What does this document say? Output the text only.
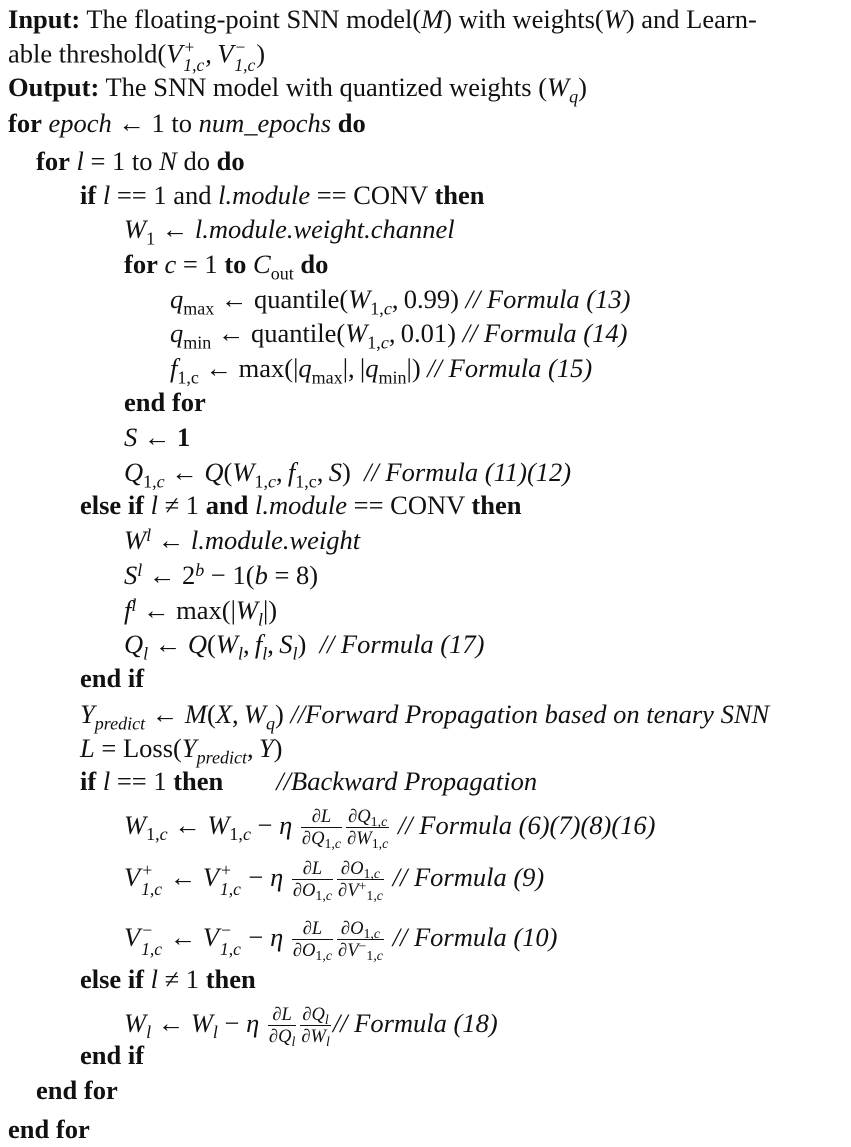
Input: The floating-point SNN model(M) with weights(W) and Learn-
able threshold(V +
1,c , V −
1,c )
Output: The SNN model with quantized weights $(W_q)$
for epoch ← 1 to num_epochs do
for l = 1 to N do do
if l == 1 and l.module == CONV then
$W_1$ ← l.module.weight.channel
for c = 1 to $C_{out}$ do
$q_{max}$ ← $quantile(W_{1,c}$, 0.99) // Formula (13)
$q_{min}$ ← $quantile(W_{1,c}$, 0.01) // Formula (14)
$f_{1,c}$ ← $\max(|q_{max}|$, $|q_{min}|$) // Formula (15)
end for
S ← 1
$Q_{1,c}$ ← $Q(W_{1,c}$, $f_{1,c}$, S)  // Formula (11)(12)
else if l ≠ 1 and l.module == CONV then
$W^l$ ← l.module.weight
$S^l$ ← $2^b - 1(b = 8)$
$f^l$ ← $\max(|W_l|)$
$Q_l$ ← $Q(W_l$, $f_l$, $S_l$)  // Formula (17)
end if
$Y_{predict}$ ← M(X, $W_q$) //Forward Propagation based on tenary SNN
$L = Loss(Y_{predict}$, Y)
if l == 1 then //Backward Propagation
$W_{1,c}$ ← $W_{1,c} - \eta \frac{\partial L}{\partial Q_{1,c}} \frac{\partial Q_{1,c}}{\partial W_{1,c}}$ // Formula (6)(7)(8)(16)
V +
1,c ← V +
1,c − η $\frac{\partial L}{\partial O_{1,c}} \frac{\partial O_{1,c}}{\partial V^+_{1,c}}$ // Formula (9)
V −
1,c ← V −
1,c − η $\frac{\partial L}{\partial O_{1,c}} \frac{\partial O_{1,c}}{\partial V^-_{1,c}}$ // Formula (10)
else if l ≠ 1 then
$W_l$ ← $W_l - \eta \frac{\partial L}{\partial Q_l} \frac{\partial Q_l}{\partial W_l}$ // Formula (18)
end if
end for
end for
